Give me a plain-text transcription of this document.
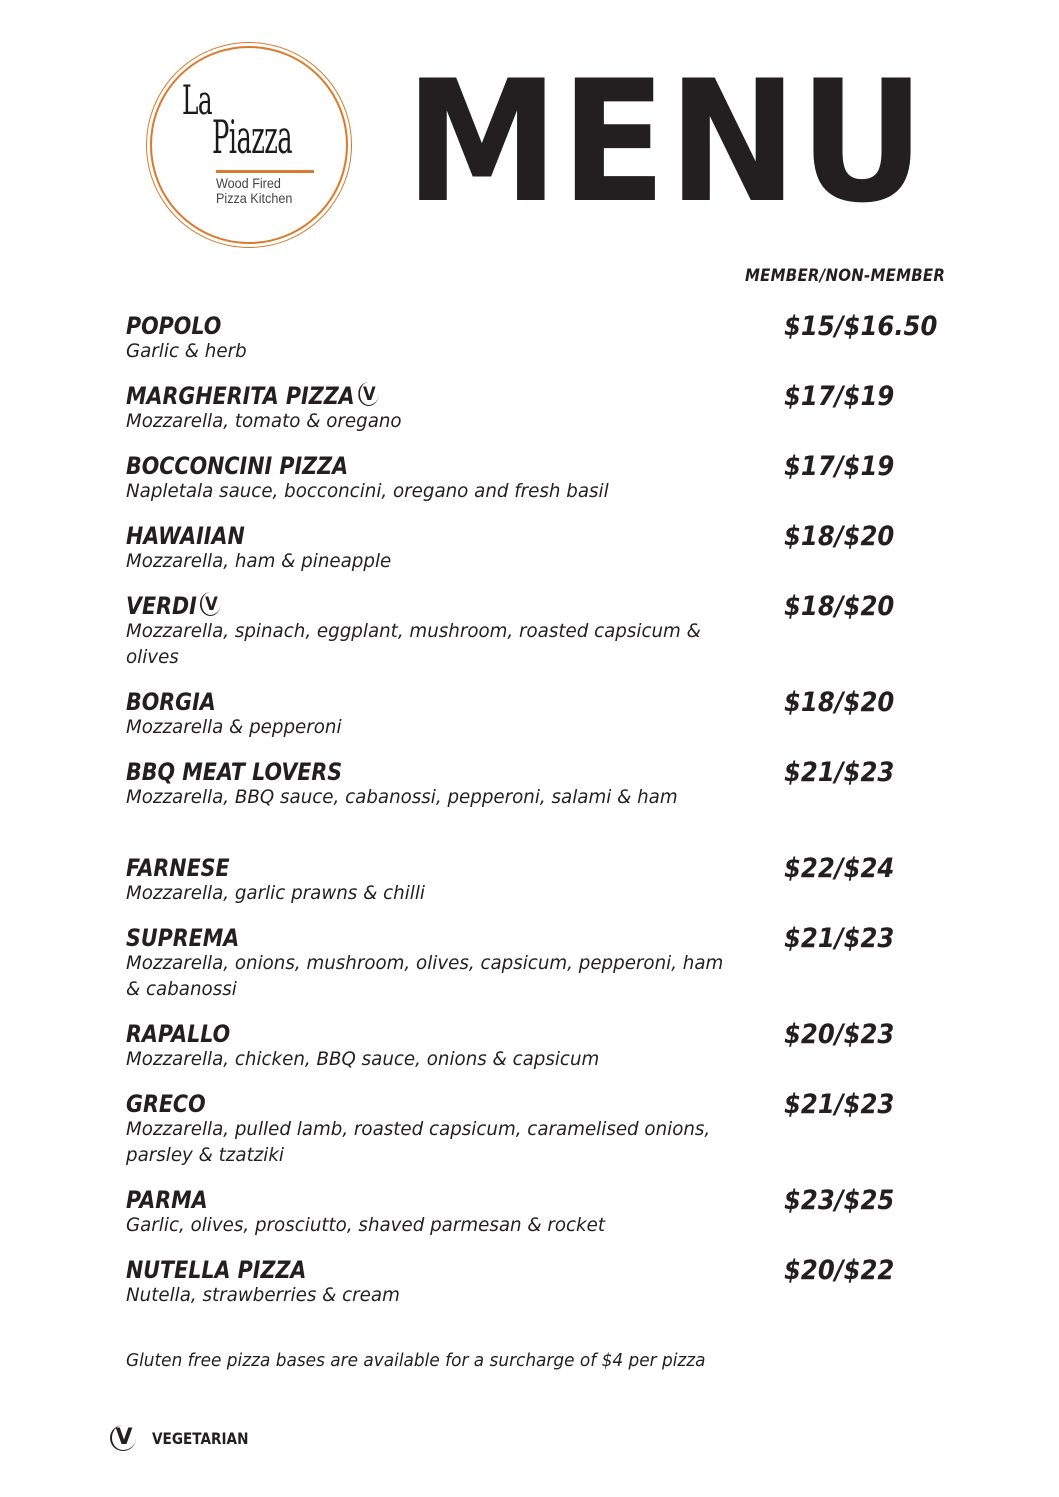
La
Piazza
Wood Fired
Pizza Kitchen MENU
MEMBER/NON-MEMBER
POPOLO
Garlic & herb
$15/$16.50
MARGHERITA PIZZA V
Mozzarella, tomato & oregano
$17/$19
BOCCONCINI PIZZA
Napletala sauce, bocconcini, oregano and fresh basil
$17/$19
HAWAIIAN
Mozzarella, ham & pineapple
$18/$20
VERDI V
Mozzarella, spinach, eggplant, mushroom, roasted capsicum & olives
$18/$20
BORGIA
Mozzarella & pepperoni
$18/$20
BBQ MEAT LOVERS
Mozzarella, BBQ sauce, cabanossi, pepperoni, salami & ham
$21/$23
FARNESE
Mozzarella, garlic prawns & chilli
$22/$24
SUPREMA
Mozzarella, onions, mushroom, olives, capsicum, pepperoni, ham & cabanossi
$21/$23
RAPALLO
Mozzarella, chicken, BBQ sauce, onions & capsicum
$20/$23
GRECO
Mozzarella, pulled lamb, roasted capsicum, caramelised onions, parsley & tzatziki
$21/$23
PARMA
Garlic, olives, prosciutto, shaved parmesan & rocket
$23/$25
NUTELLA PIZZA
Nutella, strawberries & cream
$20/$22
Gluten free pizza bases are available for a surcharge of $4 per pizza
V VEGETARIAN
